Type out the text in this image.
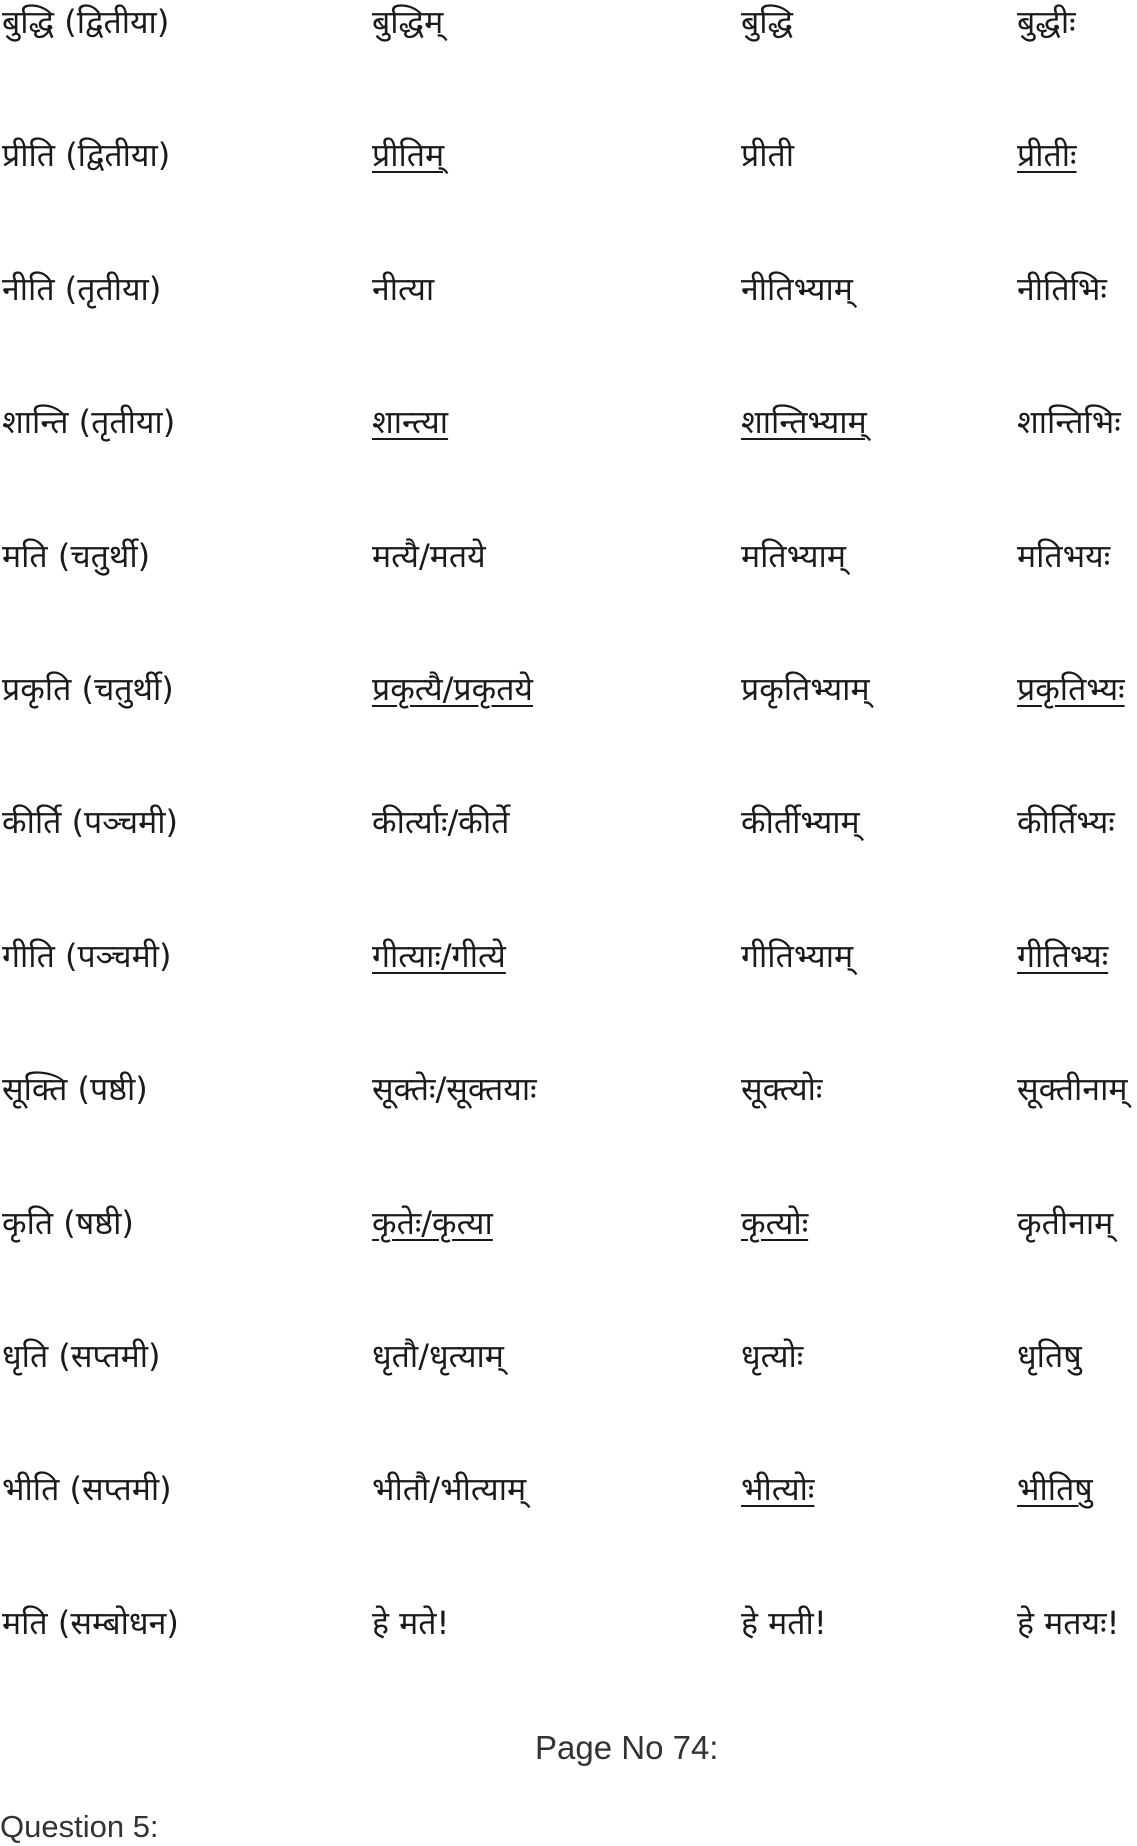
बुद्धि (द्वितीया)	बुद्धिम्	बुद्धि	बुद्धीः
प्रीति (द्वितीया)	प्रीतिम्	प्रीती	प्रीतीः
नीति (तृतीया)	नीत्या	नीतिभ्याम्	नीतिभिः
शान्ति (तृतीया)	शान्त्या	शान्तिभ्याम्	शान्तिभिः
मति (चतुर्थी)	मत्यै/मतये	मतिभ्याम्	मतिभयः
प्रकृति (चतुर्थी)	प्रकृत्यै/प्रकृतये	प्रकृतिभ्याम्	प्रकृतिभ्यः
कीर्ति (पञ्चमी)	कीर्त्याः/कीर्ते	कीर्तीभ्याम्	कीर्तिभ्यः
गीति (पञ्चमी)	गीत्याः/गीत्ये	गीतिभ्याम्	गीतिभ्यः
सूक्ति (पष्ठी)	सूक्तेः/सूक्तयाः	सूक्त्योः	सूक्तीनाम्
कृति (षष्ठी)	कृतेः/कृत्या	कृत्योः	कृतीनाम्
धृति (सप्तमी)	धृतौ/धृत्याम्	धृत्योः	धृतिषु
भीति (सप्तमी)	भीतौ/भीत्याम्	भीत्योः	भीतिषु
मति (सम्बोधन)	हे मते!	हे मती!	हे मतयः!
Page No 74:
Question 5:
